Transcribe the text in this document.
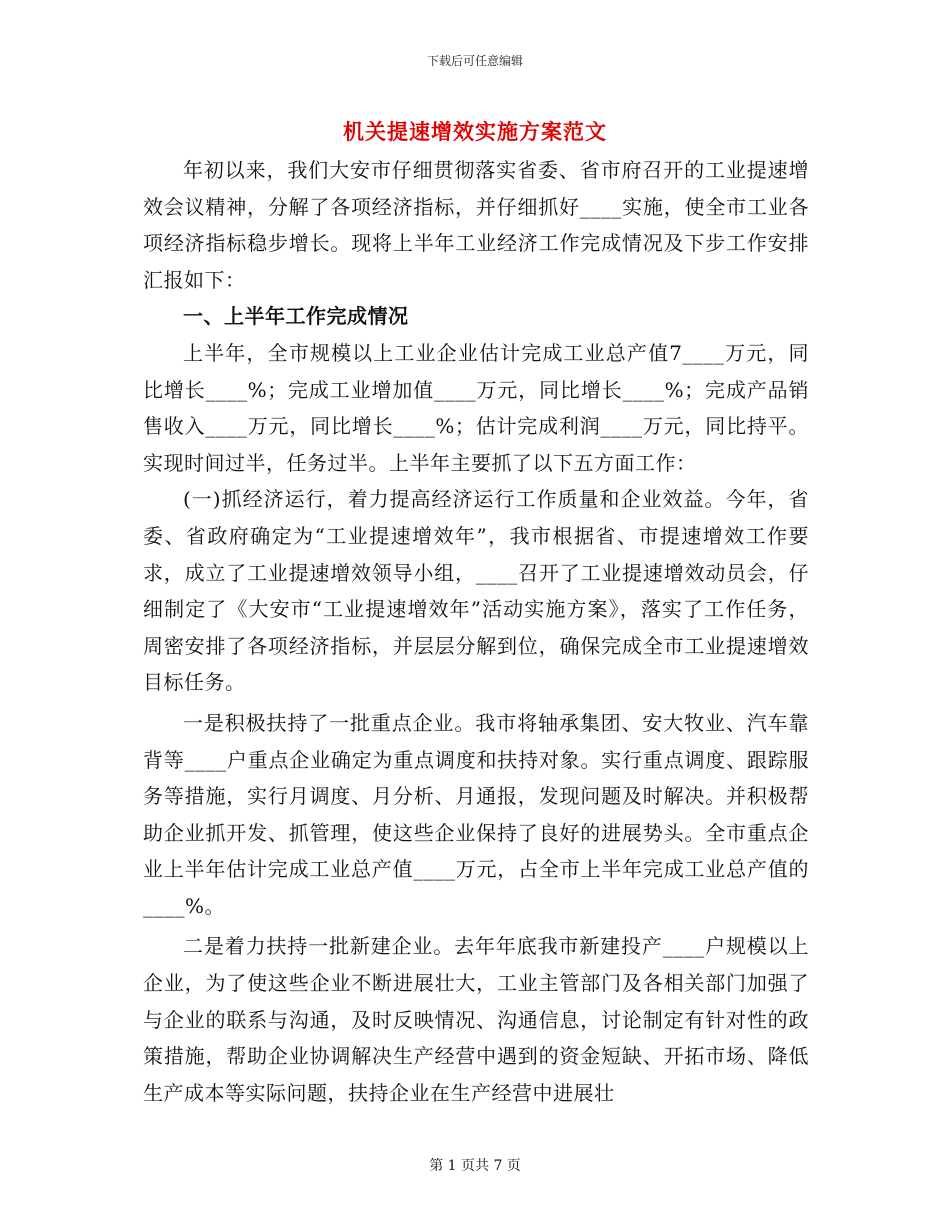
下载后可任意编辑
机关提速增效实施方案范文

年初以来，我们大安市仔细贯彻落实省委、省市府召开的工业提速增效会议精神，分解了各项经济指标，并仔细抓好____实施，使全市工业各项经济指标稳步增长。现将上半年工业经济工作完成情况及下步工作安排汇报如下：

一、上半年工作完成情况

上半年，全市规模以上工业企业估计完成工业总产值7____万元，同比增长____%；完成工业增加值____万元，同比增长____%；完成产品销售收入____万元，同比增长____%；估计完成利润____万元，同比持平。实现时间过半，任务过半。上半年主要抓了以下五方面工作：

(一)抓经济运行，着力提高经济运行工作质量和企业效益。今年，省委、省政府确定为“工业提速增效年”，我市根据省、市提速增效工作要求，成立了工业提速增效领导小组，____召开了工业提速增效动员会，仔细制定了《大安市“工业提速增效年”活动实施方案》，落实了工作任务，周密安排了各项经济指标，并层层分解到位，确保完成全市工业提速增效目标任务。

一是积极扶持了一批重点企业。我市将轴承集团、安大牧业、汽车靠背等____户重点企业确定为重点调度和扶持对象。实行重点调度、跟踪服务等措施，实行月调度、月分析、月通报，发现问题及时解决。并积极帮助企业抓开发、抓管理，使这些企业保持了良好的进展势头。全市重点企业上半年估计完成工业总产值____万元，占全市上半年完成工业总产值的____%。

二是着力扶持一批新建企业。去年年底我市新建投产____户规模以上企业，为了使这些企业不断进展壮大，工业主管部门及各相关部门加强了与企业的联系与沟通，及时反映情况、沟通信息，讨论制定有针对性的政策措施，帮助企业协调解决生产经营中遇到的资金短缺、开拓市场、降低生产成本等实际问题，扶持企业在生产经营中进展壮

第 1 页共 7 页
